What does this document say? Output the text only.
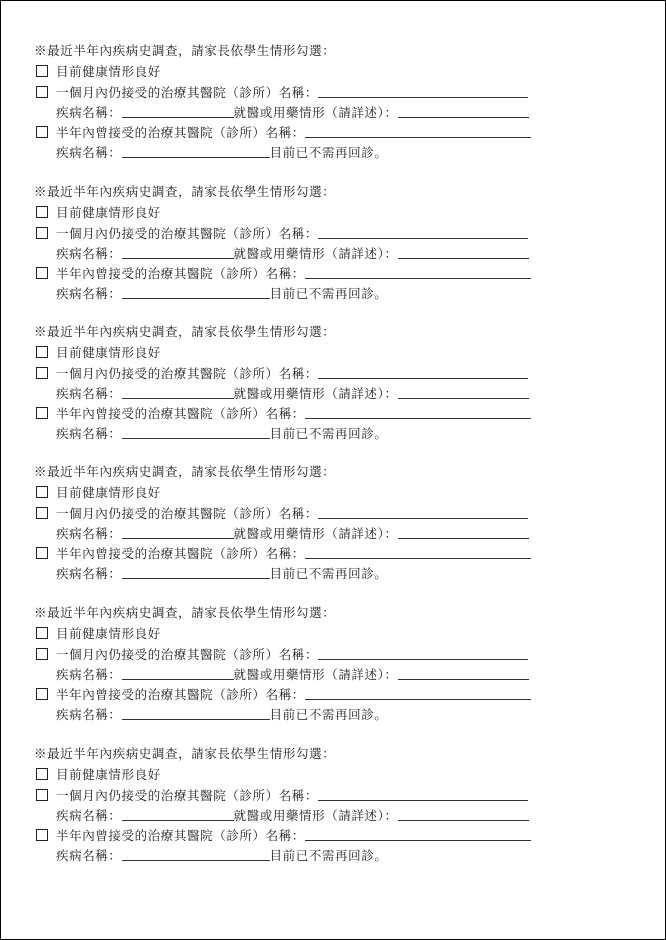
※最近半年內疾病史調查，請家長依學生情形勾選：
目前健康情形良好
一個月內仍接受的治療其醫院（診所）名稱：
疾病名稱：	就醫或用藥情形（請詳述）：
半年內曾接受的治療其醫院（診所）名稱：
疾病名稱：	目前已不需再回診。
※最近半年內疾病史調查，請家長依學生情形勾選：
目前健康情形良好
一個月內仍接受的治療其醫院（診所）名稱：
疾病名稱：	就醫或用藥情形（請詳述）：
半年內曾接受的治療其醫院（診所）名稱：
疾病名稱：	目前已不需再回診。
※最近半年內疾病史調查，請家長依學生情形勾選：
目前健康情形良好
一個月內仍接受的治療其醫院（診所）名稱：
疾病名稱：	就醫或用藥情形（請詳述）：
半年內曾接受的治療其醫院（診所）名稱：
疾病名稱：	目前已不需再回診。
※最近半年內疾病史調查，請家長依學生情形勾選：
目前健康情形良好
一個月內仍接受的治療其醫院（診所）名稱：
疾病名稱：	就醫或用藥情形（請詳述）：
半年內曾接受的治療其醫院（診所）名稱：
疾病名稱：	目前已不需再回診。
※最近半年內疾病史調查，請家長依學生情形勾選：
目前健康情形良好
一個月內仍接受的治療其醫院（診所）名稱：
疾病名稱：	就醫或用藥情形（請詳述）：
半年內曾接受的治療其醫院（診所）名稱：
疾病名稱：	目前已不需再回診。
※最近半年內疾病史調查，請家長依學生情形勾選：
目前健康情形良好
一個月內仍接受的治療其醫院（診所）名稱：
疾病名稱：	就醫或用藥情形（請詳述）：
半年內曾接受的治療其醫院（診所）名稱：
疾病名稱：	目前已不需再回診。
